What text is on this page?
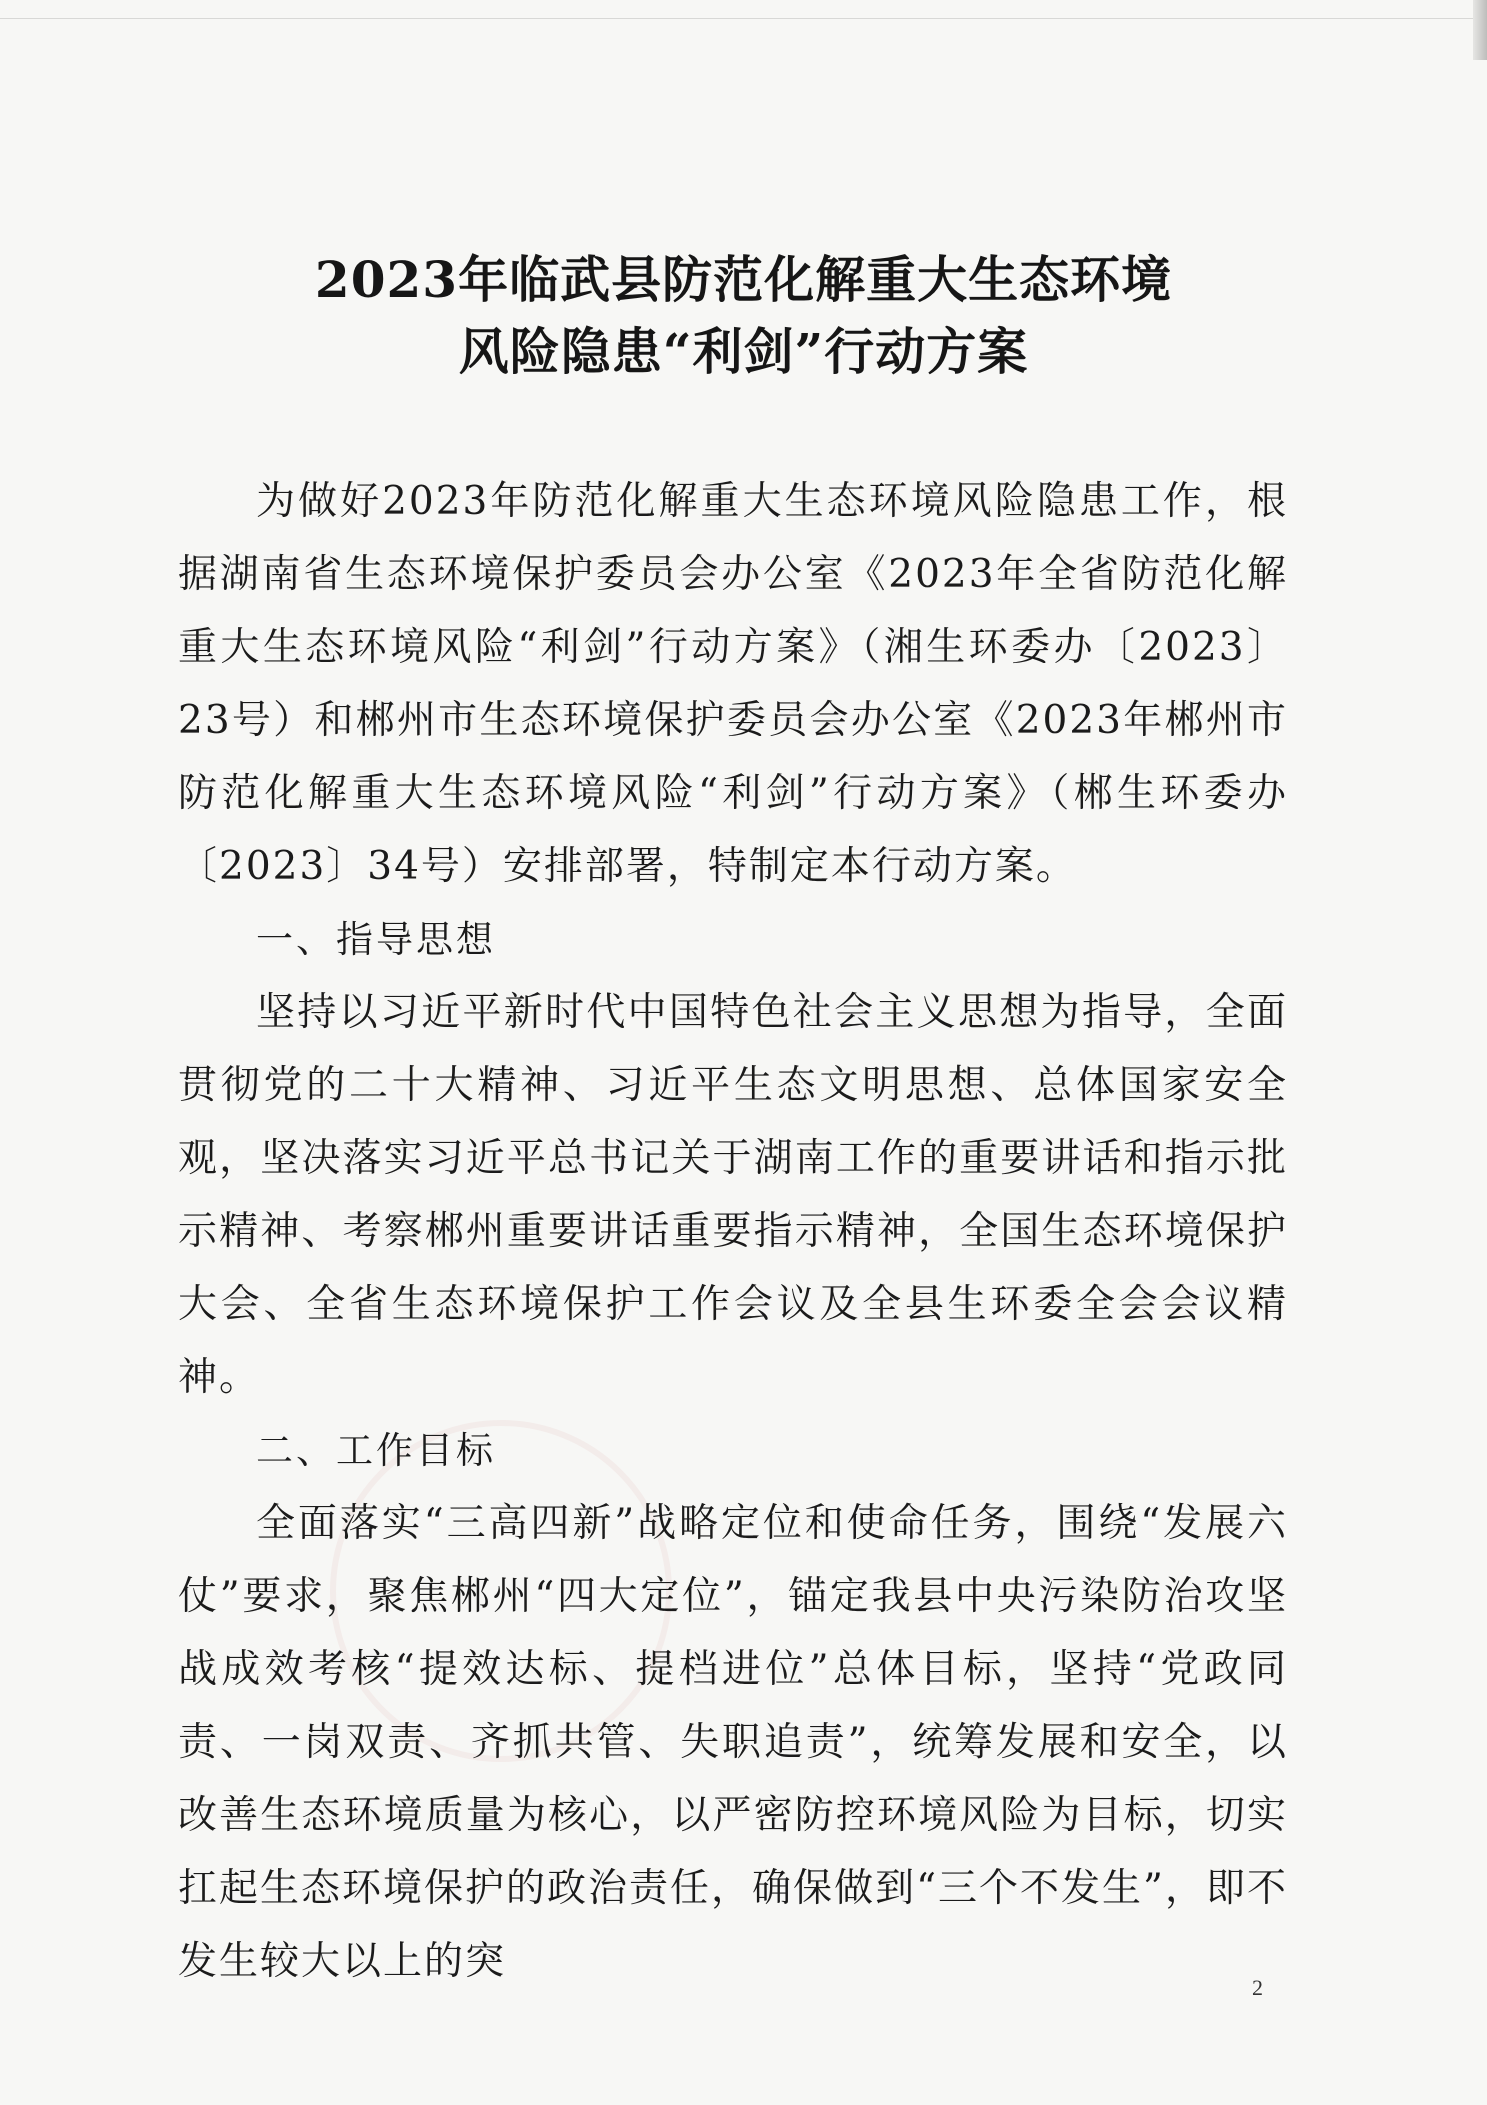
2023年临武县防范化解重大生态环境
风险隐患“利剑”行动方案

为做好2023年防范化解重大生态环境风险隐患工作，根据湖南省生态环境保护委员会办公室《2023年全省防范化解重大生态环境风险“利剑”行动方案》（湘生环委办〔2023〕23号）和郴州市生态环境保护委员会办公室《2023年郴州市防范化解重大生态环境风险“利剑”行动方案》（郴生环委办〔2023〕34号）安排部署，特制定本行动方案。

一、指导思想

坚持以习近平新时代中国特色社会主义思想为指导，全面贯彻党的二十大精神、习近平生态文明思想、总体国家安全观，坚决落实习近平总书记关于湖南工作的重要讲话和指示批示精神、考察郴州重要讲话重要指示精神，全国生态环境保护大会、全省生态环境保护工作会议及全县生环委全会会议精神。

二、工作目标

全面落实“三高四新”战略定位和使命任务，围绕“发展六仗”要求，聚焦郴州“四大定位”，锚定我县中央污染防治攻坚战成效考核“提效达标、提档进位”总体目标，坚持“党政同责、一岗双责、齐抓共管、失职追责”，统筹发展和安全，以改善生态环境质量为核心，以严密防控环境风险为目标，切实扛起生态环境保护的政治责任，确保做到“三个不发生”，即不发生较大以上的突

2
